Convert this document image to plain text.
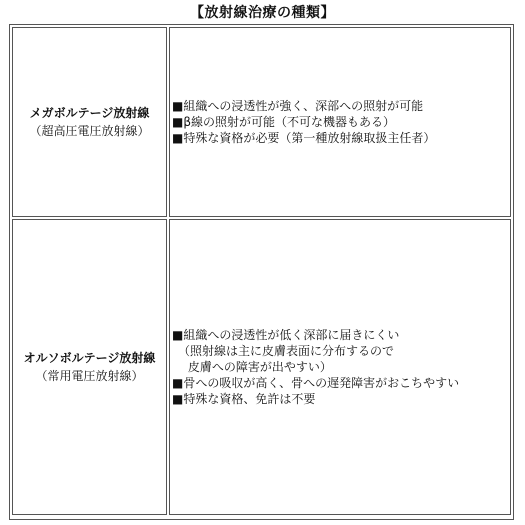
【放射線治療の種類】
メガボルテージ放射線
（超高圧電圧放射線）
■組織への浸透性が強く、深部への照射が可能
■β線の照射が可能（不可な機器もある）
■特殊な資格が必要（第一種放射線取扱主任者）
オルソボルテージ放射線
（常用電圧放射線）
■組織への浸透性が低く深部に届きにくい
　（照射線は主に皮膚表面に分布するので
　 皮膚への障害が出やすい）
■骨への吸収が高く、骨への遅発障害がおこちやすい
■特殊な資格、免許は不要
